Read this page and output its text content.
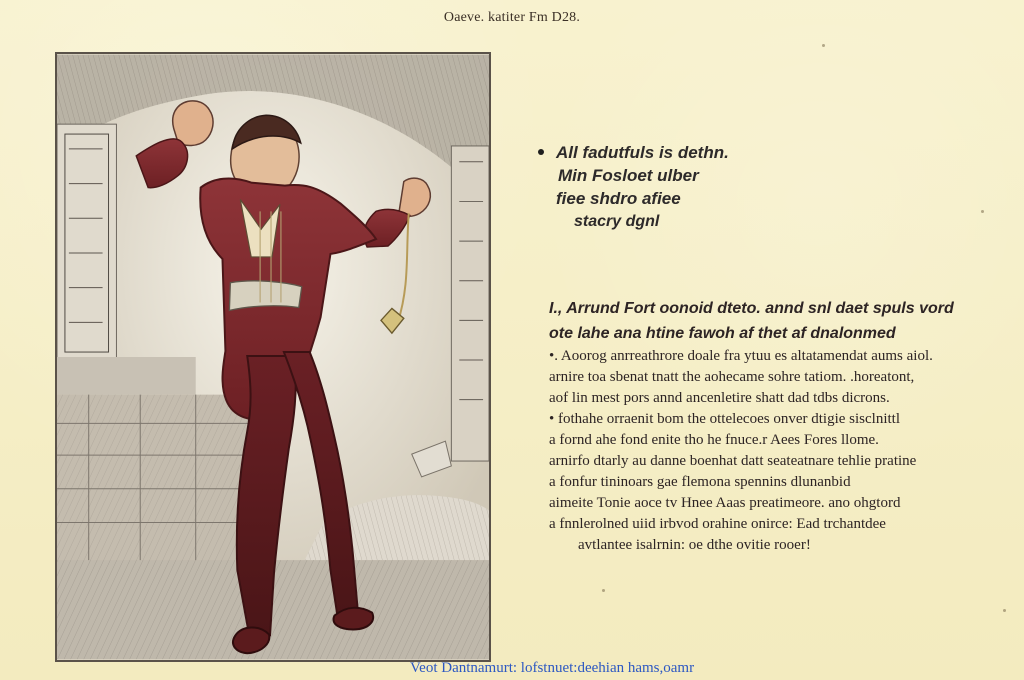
Oaeve. katiter Fm D28.
All fadutfuls is dethn.
Min Fosloet ulber
fiee shdro afiee
stacry dgnl
I., Arrund Fort oonoid dteto. annd snl daet spuls vord
ote lahe ana htine fawoh af thet af dnalonmed
•. Aoorog anrreathrore doale fra ytuu es altatamendat aums aiol.
arnire toa sbenat tnatt the aohecame sohre tatiom. .horeatont,
aof lin mest pors annd ancenletire shatt dad tdbs dicrons.
• fothahe orraenit bom the ottelecoes onver dtigie sisclnittl
a fornd ahe fond enite tho he fnuce.r Aees Fores llome.
arnirfo dtarly au danne boenhat datt seateatnare tehlie pratine
a fonfur tininoars gae flemona spennins dlunanbid
aimeite Tonie aoce tv Hnee Aaas preatimeore. ano ohgtord
a fnnlerolned uiid irbvod orahine onirce: Ead trchantdee
avtlantee isalrnin: oe dthe ovitie rooer!
Veot Dantnamurt: lofstnuet:deehian hams,oamr
